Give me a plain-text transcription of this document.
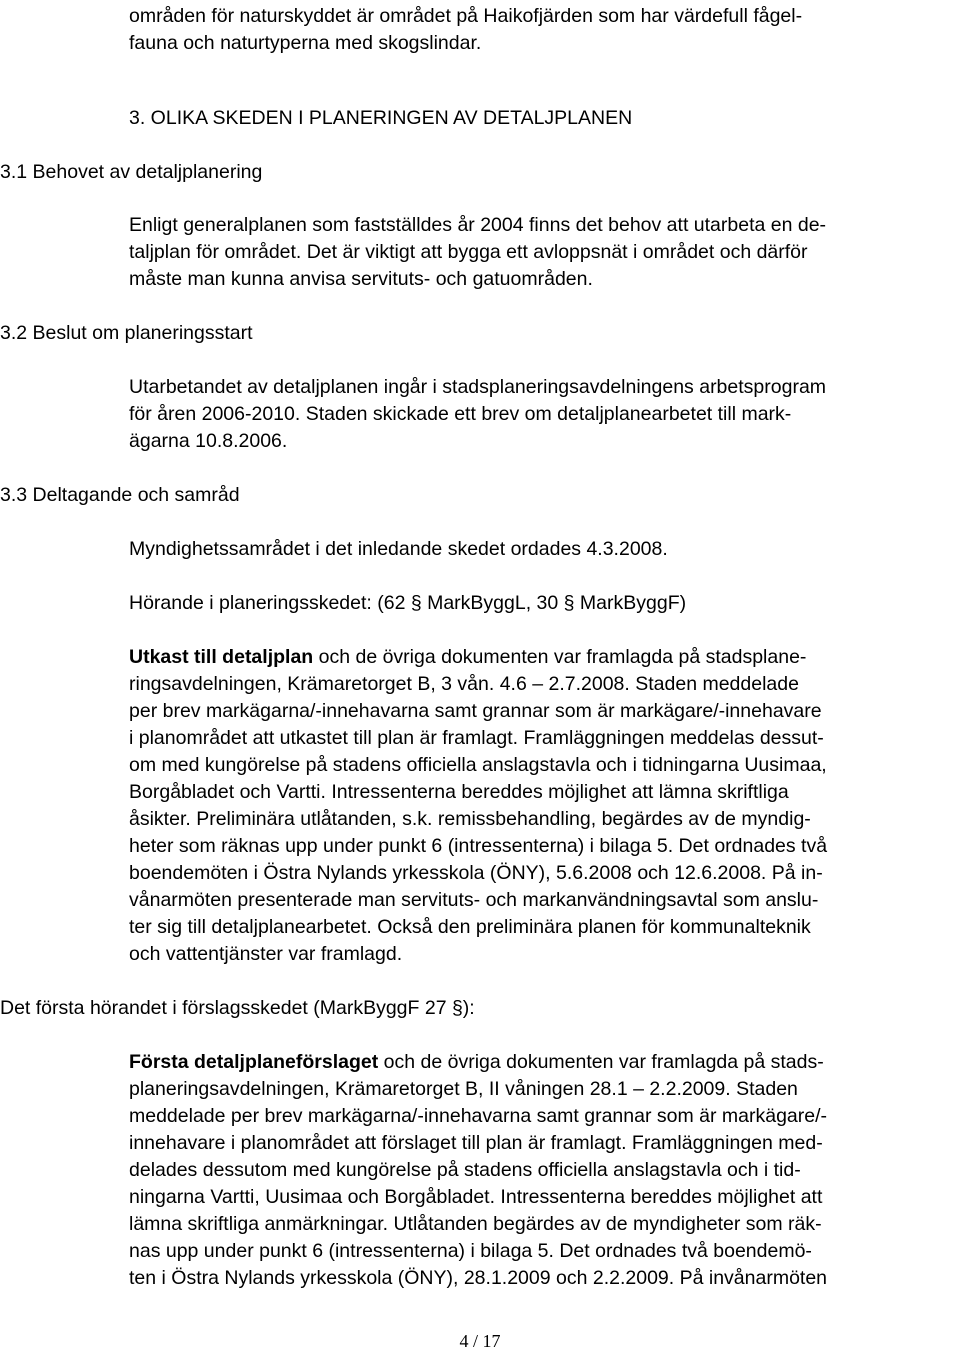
områden för naturskyddet är området på Haikofjärden som har värdefull fågel-

fauna och naturtyperna med skogslindar.

3. OLIKA SKEDEN I PLANERINGEN AV DETALJPLANEN

3.1 Behovet av detaljplanering

Enligt generalplanen som fastställdes år 2004 finns det behov att utarbeta en de-

taljplan för området. Det är viktigt att bygga ett avloppsnät i området och därför

måste man kunna anvisa servituts- och gatuområden.

3.2 Beslut om planeringsstart

Utarbetandet av detaljplanen ingår i stadsplaneringsavdelningens arbetsprogram

för åren 2006-2010. Staden skickade ett brev om detaljplanearbetet till mark-

ägarna 10.8.2006.

3.3 Deltagande och samråd

Myndighetssamrådet i det inledande skedet ordades 4.3.2008.

Hörande i planeringsskedet: (62 § MarkByggL, 30 § MarkByggF)

Utkast till detaljplan och de övriga dokumenten var framlagda på stadsplane-

ringsavdelningen, Krämaretorget B, 3 vån. 4.6 – 2.7.2008. Staden meddelade

per brev markägarna/-innehavarna samt grannar som är markägare/-innehavare

i planområdet att utkastet till plan är framlagt. Framläggningen meddelas dessut-

om med kungörelse på stadens officiella anslagstavla och i tidningarna Uusimaa,

Borgåbladet och Vartti. Intressenterna bereddes möjlighet att lämna skriftliga

åsikter. Preliminära utlåtanden, s.k. remissbehandling, begärdes av de myndig-

heter som räknas upp under punkt 6 (intressenterna) i bilaga 5. Det ordnades två

boendemöten i Östra Nylands yrkesskola (ÖNY), 5.6.2008 och 12.6.2008. På in-

vånarmöten presenterade man servituts- och markanvändningsavtal som anslu-

ter sig till detaljplanearbetet. Också den preliminära planen för kommunalteknik

och vattentjänster var framlagd.

Det första hörandet i förslagsskedet (MarkByggF 27 §):

Första detaljplaneförslaget och de övriga dokumenten var framlagda på stads-

planeringsavdelningen, Krämaretorget B, II våningen 28.1 – 2.2.2009. Staden

meddelade per brev markägarna/-innehavarna samt grannar som är markägare/-

innehavare i planområdet att förslaget till plan är framlagt. Framläggningen med-

delades dessutom med kungörelse på stadens officiella anslagstavla och i tid-

ningarna Vartti, Uusimaa och Borgåbladet. Intressenterna bereddes möjlighet att

lämna skriftliga anmärkningar. Utlåtanden begärdes av de myndigheter som räk-

nas upp under punkt 6 (intressenterna) i bilaga 5. Det ordnades två boendemö-

ten i Östra Nylands yrkesskola (ÖNY), 28.1.2009 och 2.2.2009. På invånarmöten

4 / 17
